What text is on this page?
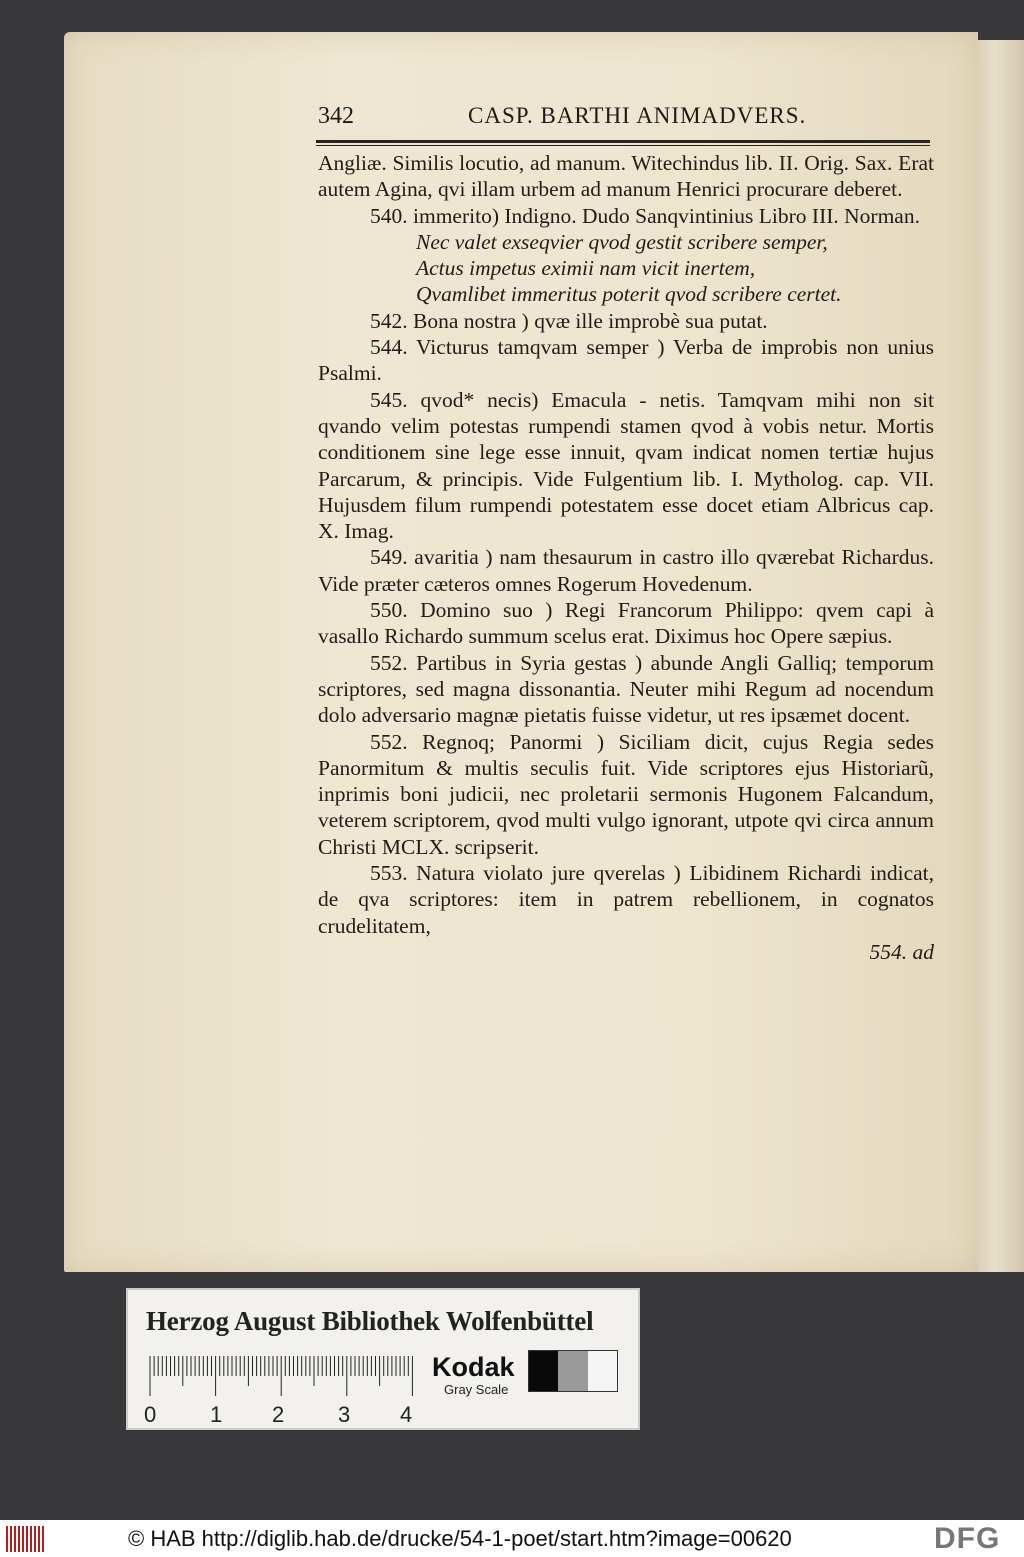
342	CASP. BARTHI ANIMADVERS.

Angliæ. Similis locutio, ad manum. Witechindus lib. II. Orig. Sax. Erat autem Agina, qvi illam urbem ad manum Henrici procurare deberet.

540. immerito) Indigno. Dudo Sanqvintinius Libro III. Norman.

Nec valet exseqvier qvod gestit scribere semper,

Actus impetus eximii nam vicit inertem,

Qvamlibet immeritus poterit qvod scribere certet.

542. Bona nostra ) qvæ ille improbè sua putat.

544. Victurus tamqvam semper ) Verba de improbis non unius Psalmi.

545. qvod* necis) Emacula - netis. Tamqvam mihi non sit qvando velim potestas rumpendi stamen qvod à vobis netur. Mortis conditionem sine lege esse innuit, qvam indicat nomen tertiæ hujus Parcarum, & principis. Vide Fulgentium lib. I. Mytholog. cap. VII. Hujusdem filum rumpendi potestatem esse docet etiam Albricus cap. X. Imag.

549. avaritia ) nam thesaurum in castro illo qværebat Richardus. Vide præter cæteros omnes Rogerum Hovedenum.

550. Domino suo ) Regi Francorum Philippo: qvem capi à vasallo Richardo summum scelus erat. Diximus hoc Opere sæpius.

552. Partibus in Syria gestas ) abunde Angli Galliq; temporum scriptores, sed magna dissonantia. Neuter mihi Regum ad nocendum dolo adversario magnæ pietatis fuisse videtur, ut res ipsæmet docent.

552. Regnoq; Panormi ) Siciliam dicit, cujus Regia sedes Panormitum & multis seculis fuit. Vide scriptores ejus Historiarũ, inprimis boni judicii, nec proletarii sermonis Hugonem Falcandum, veterem scriptorem, qvod multi vulgo ignorant, utpote qvi circa annum Christi MCLX. scripserit.

553. Natura violato jure qverelas ) Libidinem Richardi indicat, de qva scriptores: item in patrem rebellionem, in cognatos crudelitatem,

554. ad

Herzog August Bibliothek Wolfenbüttel
0 1 2 3 4
Kodak
Gray Scale
© HAB http://diglib.hab.de/drucke/54-1-poet/start.htm?image=00620	DFG
